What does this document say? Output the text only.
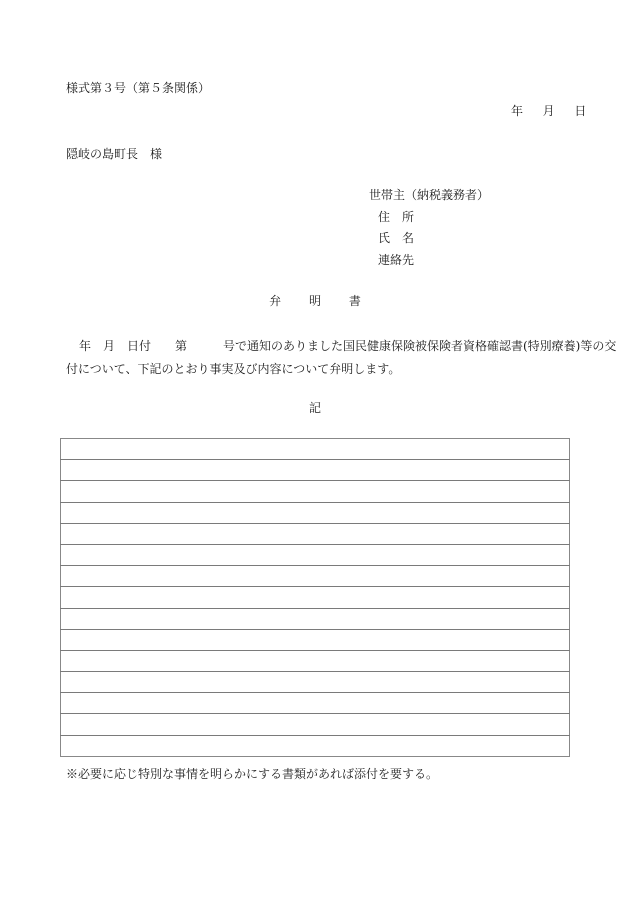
様式第３号（第５条関係）
年 月 日
隠岐の島町長　様
世帯主（納税義務者）
住　所
氏　名
連絡先
弁 明 書
年　月　日付　　第　　　号で通知のありました国民健康保険被保険者資格確認書(特別療養)等の交
付について、下記のとおり事実及び内容について弁明します。
記

※必要に応じ特別な事情を明らかにする書類があれば添付を要する。
